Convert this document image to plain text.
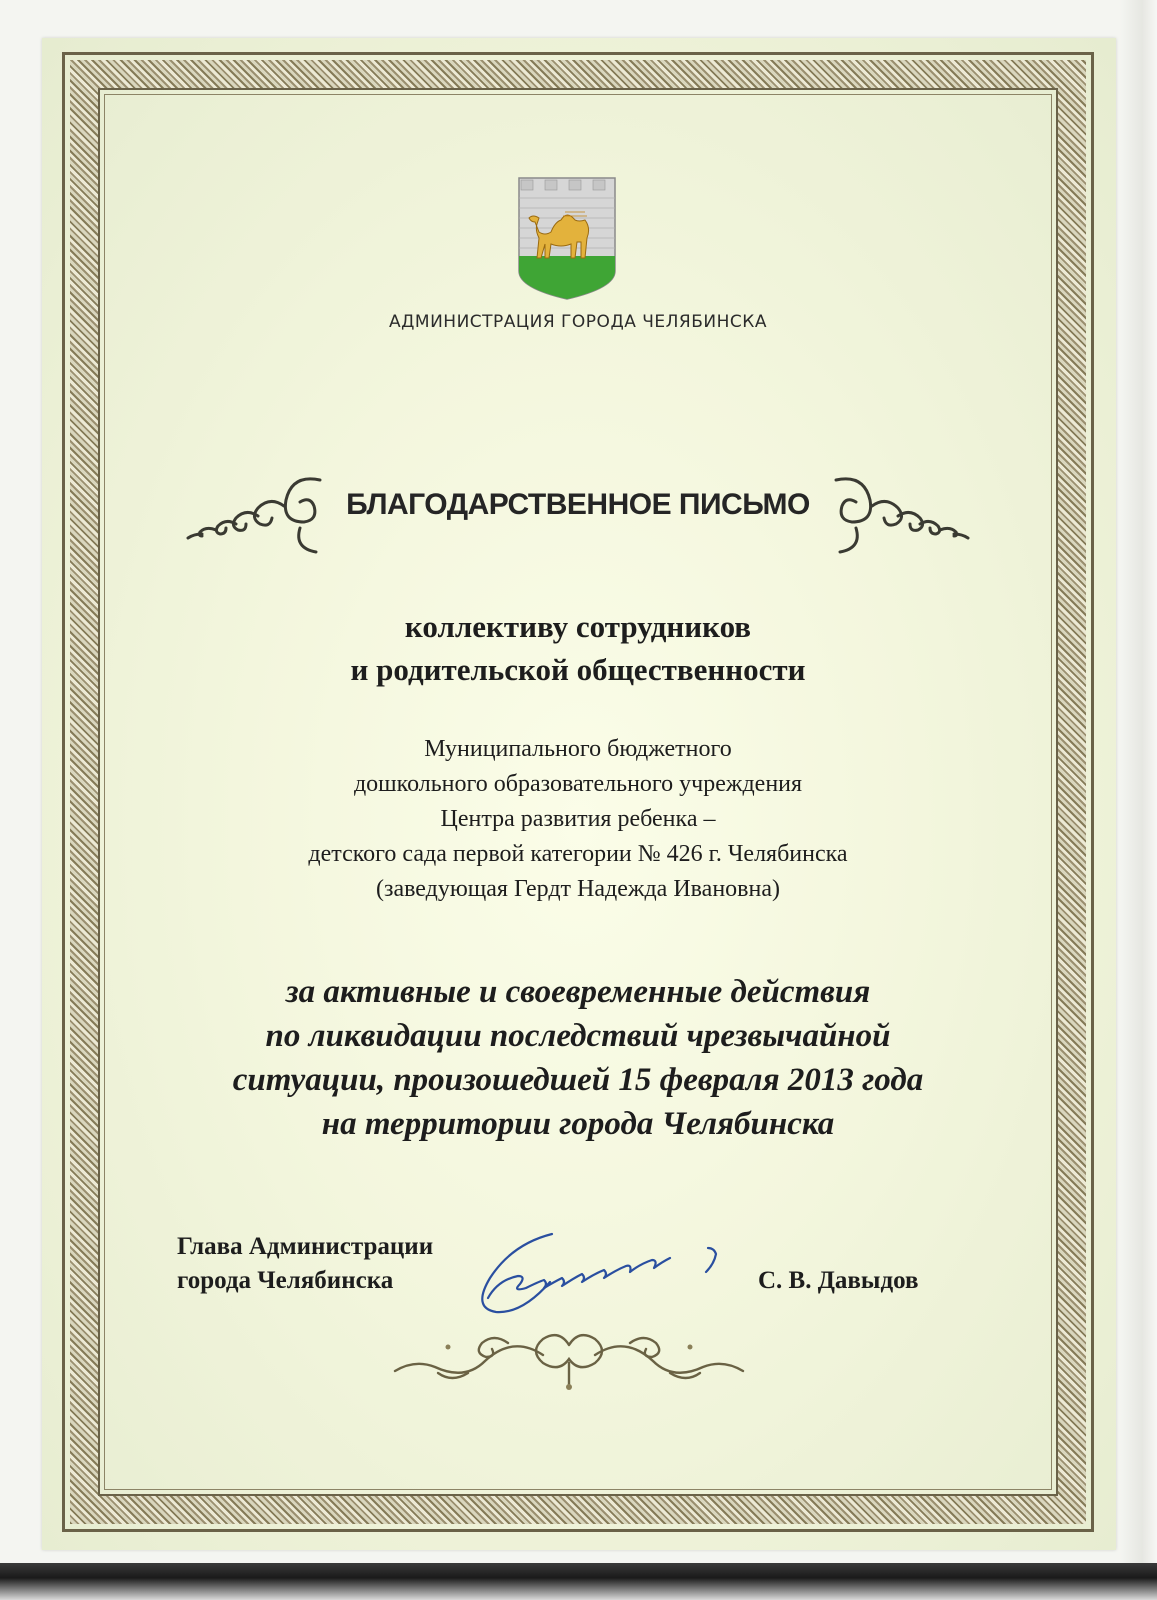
АДМИНИСТРАЦИЯ ГОРОДА ЧЕЛЯБИНСКА
БЛАГОДАРСТВЕННОЕ ПИСЬМО
коллективу сотрудников
и родительской общественности
Муниципального бюджетного
дошкольного образовательного учреждения
Центра развития ребенка –
детского сада первой категории № 426 г. Челябинска
(заведующая Гердт Надежда Ивановна)
за активные и своевременные действия
по ликвидации последствий чрезвычайной
ситуации, произошедшей 15 февраля 2013 года
на территории города Челябинска
Глава Администрации
города Челябинска	С. В. Давыдов
